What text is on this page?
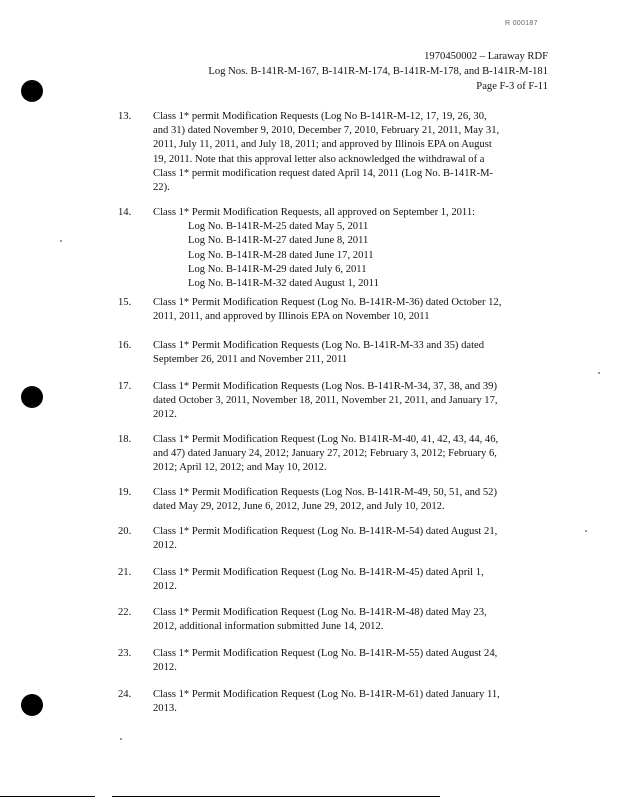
R 000187
1970450002 – Laraway RDF
Log Nos. B-141R-M-167, B-141R-M-174, B-141R-M-178, and B-141R-M-181
Page F-3 of F-11
13. Class 1* permit Modification Requests (Log No B-141R-M-12, 17, 19, 26, 30,
and 31) dated November 9, 2010, December 7, 2010, February 21, 2011, May 31,
2011, July 11, 2011, and July 18, 2011; and approved by Illinois EPA on August
19, 2011. Note that this approval letter also acknowledged the withdrawal of a
Class 1* permit modification request dated April 14, 2011 (Log No. B-141R-M-
22).
14. Class 1* Permit Modification Requests, all approved on September 1, 2011:
Log No. B-141R-M-25 dated May 5, 2011
Log No. B-141R-M-27 dated June 8, 2011
Log No. B-141R-M-28 dated June 17, 2011
Log No. B-141R-M-29 dated July 6, 2011
Log No. B-141R-M-32 dated August 1, 2011
15. Class 1* Permit Modification Request (Log No. B-141R-M-36) dated October 12,
2011, 2011, and approved by Illinois EPA on November 10, 2011
16. Class 1* Permit Modification Requests (Log No. B-141R-M-33 and 35) dated
September 26, 2011 and November 211, 2011
17. Class 1* Permit Modification Requests (Log Nos. B-141R-M-34, 37, 38, and 39)
dated October 3, 2011, November 18, 2011, November 21, 2011, and January 17,
2012.
18. Class 1* Permit Modification Request (Log No. B141R-M-40, 41, 42, 43, 44, 46,
and 47) dated January 24, 2012; January 27, 2012; February 3, 2012; February 6,
2012; April 12, 2012; and May 10, 2012.
19. Class 1* Permit Modification Requests (Log Nos. B-141R-M-49, 50, 51, and 52)
dated May 29, 2012, June 6, 2012, June 29, 2012, and July 10, 2012.
20. Class 1* Permit Modification Request (Log No. B-141R-M-54) dated August 21,
2012.
21. Class 1* Permit Modification Request (Log No. B-141R-M-45) dated April 1,
2012.
22. Class 1* Permit Modification Request (Log No. B-141R-M-48) dated May 23,
2012, additional information submitted June 14, 2012.
23. Class 1* Permit Modification Request (Log No. B-141R-M-55) dated August 24,
2012.
24. Class 1* Permit Modification Request (Log No. B-141R-M-61) dated January 11,
2013.
